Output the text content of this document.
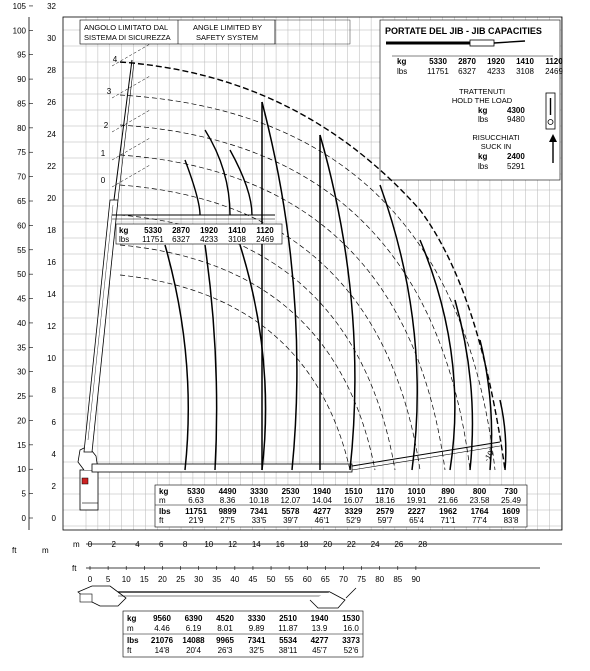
0
2
4
6
8
10
12
14
16
18
20
22
24
26
28
30
32
0
5
10
15
20
25
30
35
40
45
50
55
60
65
70
75
80
85
90
95
100
105
0 2 4 6 8 10 12 14 16 18 20 22 24 26 28
0 5 10 15 20 25 30 35 40 45 50 55 60 65 70 75 80 85 90
ft	m
m
ft
ANGOLO LIMITATO DAL
SISTEMA DI SICUREZZA
ANGLE LIMITED BY
SAFETY SYSTEM
PORTATE DEL JIB - JIB CAPACITIES
kg
lbs
5330 2870 1920 1410 1120
11751 6327 4233 3108 2469
TRATTENUTI
HOLD THE LOAD
kg 4300
lbs 9480
RISUCCHIATI
SUCK IN
kg 2400
lbs 5291
0
1
2
3
4
-10°
kg
lbs
5330 2870 1920 1410 1120
11751 6327 4233 3108 2469
kg
m
lbs
ft
5330
6.63
11751
21'9
4490
8.36
9899
27'5
3330
10.18
7341
33'5
2530
12.07
5578
39'7
1940
14.04
4277
46'1
1510
16.07
3329
52'9
1170
18.16
2579
59'7
1010
19.91
2227
65'4
890
21.66
1962
71'1
800
23.58
1764
77'4
730
25.49
1609
83'8
kg
m
lbs
ft
9560
4.46
21076
14'8
6390
6.19
14088
20'4
4520
8.01
9965
26'3
3330
9.89
7341
32'5
2510
11.87
5534
38'11
1940
13.9
4277
45'7
1530
16.0
3373
52'6
